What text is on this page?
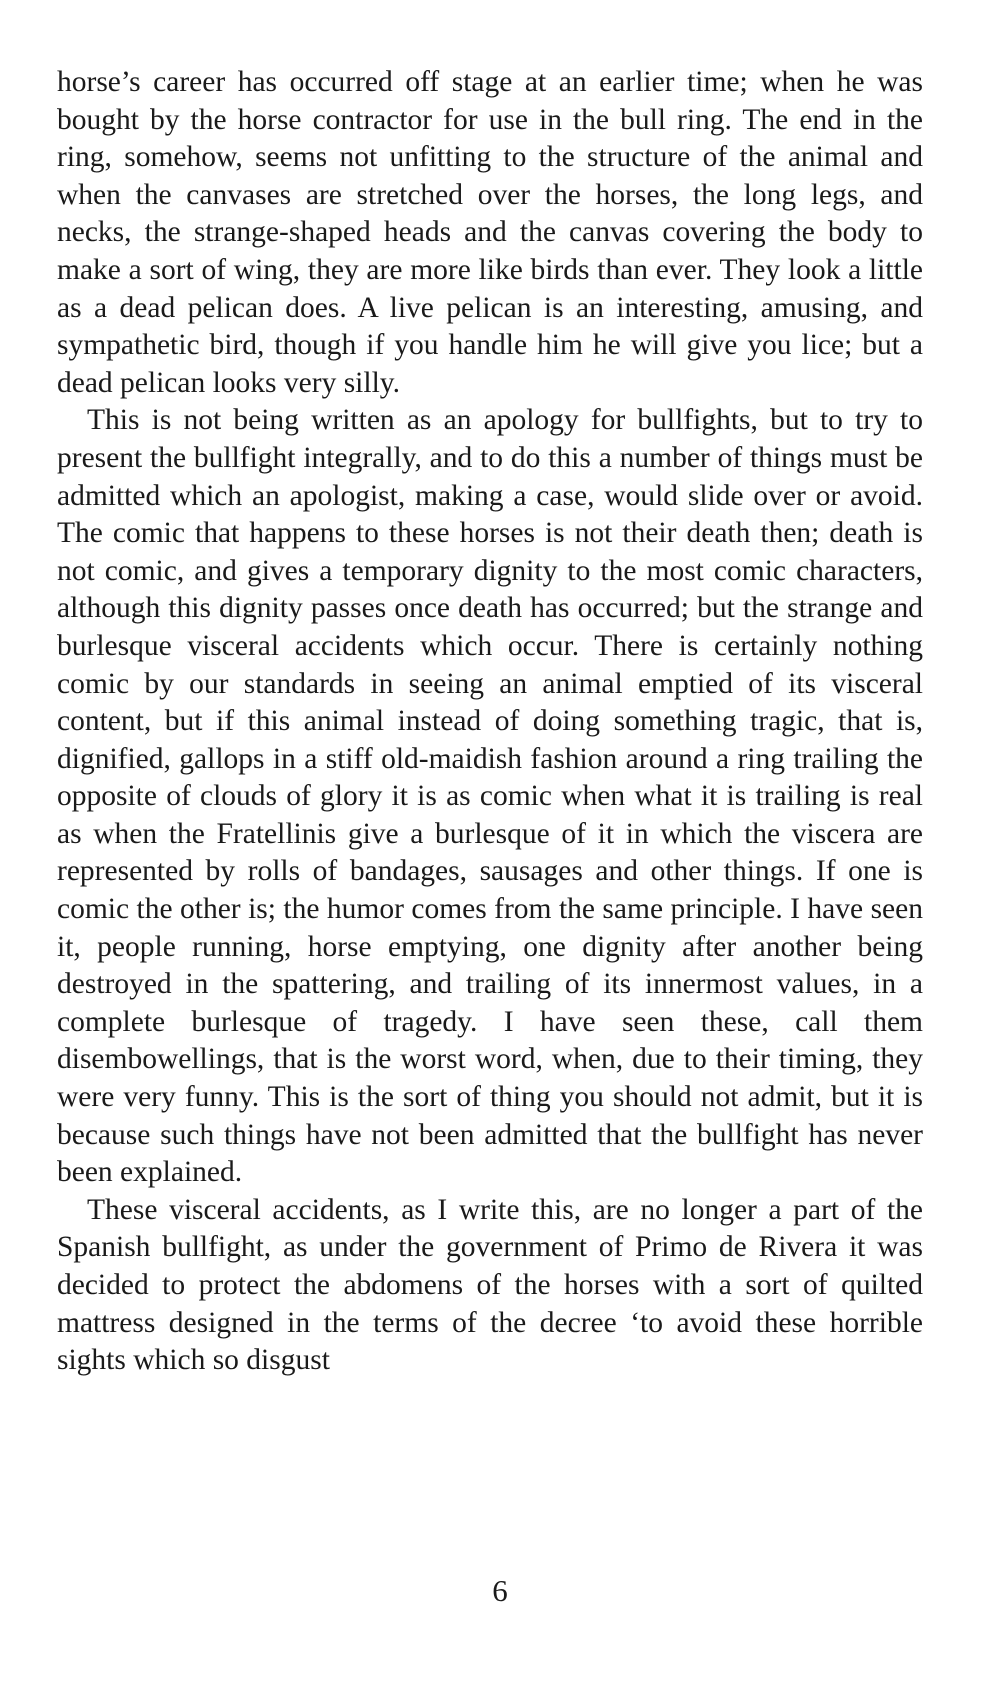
horse’s career has occurred off stage at an earlier time; when he was bought by the horse contractor for use in the bull ring. The end in the ring, somehow, seems not unfitting to the structure of the animal and when the canvases are stretched over the horses, the long legs, and necks, the strange-shaped heads and the canvas covering the body to make a sort of wing, they are more like birds than ever. They look a little as a dead pelican does. A live pelican is an interesting, amusing, and sympathetic bird, though if you handle him he will give you lice; but a dead pelican looks very silly.

This is not being written as an apology for bullfights, but to try to present the bullfight integrally, and to do this a number of things must be admitted which an apologist, making a case, would slide over or avoid. The comic that happens to these horses is not their death then; death is not comic, and gives a temporary dignity to the most comic characters, although this dignity passes once death has occurred; but the strange and burlesque visceral accidents which occur. There is certainly nothing comic by our standards in seeing an animal emptied of its visceral content, but if this animal instead of doing something tragic, that is, dignified, gallops in a stiff old-maidish fashion around a ring trailing the opposite of clouds of glory it is as comic when what it is trailing is real as when the Fratellinis give a burlesque of it in which the viscera are represented by rolls of bandages, sausages and other things. If one is comic the other is; the humor comes from the same principle. I have seen it, people running, horse emptying, one dignity after another being destroyed in the spattering, and trailing of its innermost values, in a complete burlesque of tragedy. I have seen these, call them disembowellings, that is the worst word, when, due to their timing, they were very funny. This is the sort of thing you should not admit, but it is because such things have not been admitted that the bullfight has never been explained.

These visceral accidents, as I write this, are no longer a part of the Spanish bullfight, as under the government of Primo de Rivera it was decided to protect the abdomens of the horses with a sort of quilted mattress designed in the terms of the decree ‘to avoid these horrible sights which so disgust

6
